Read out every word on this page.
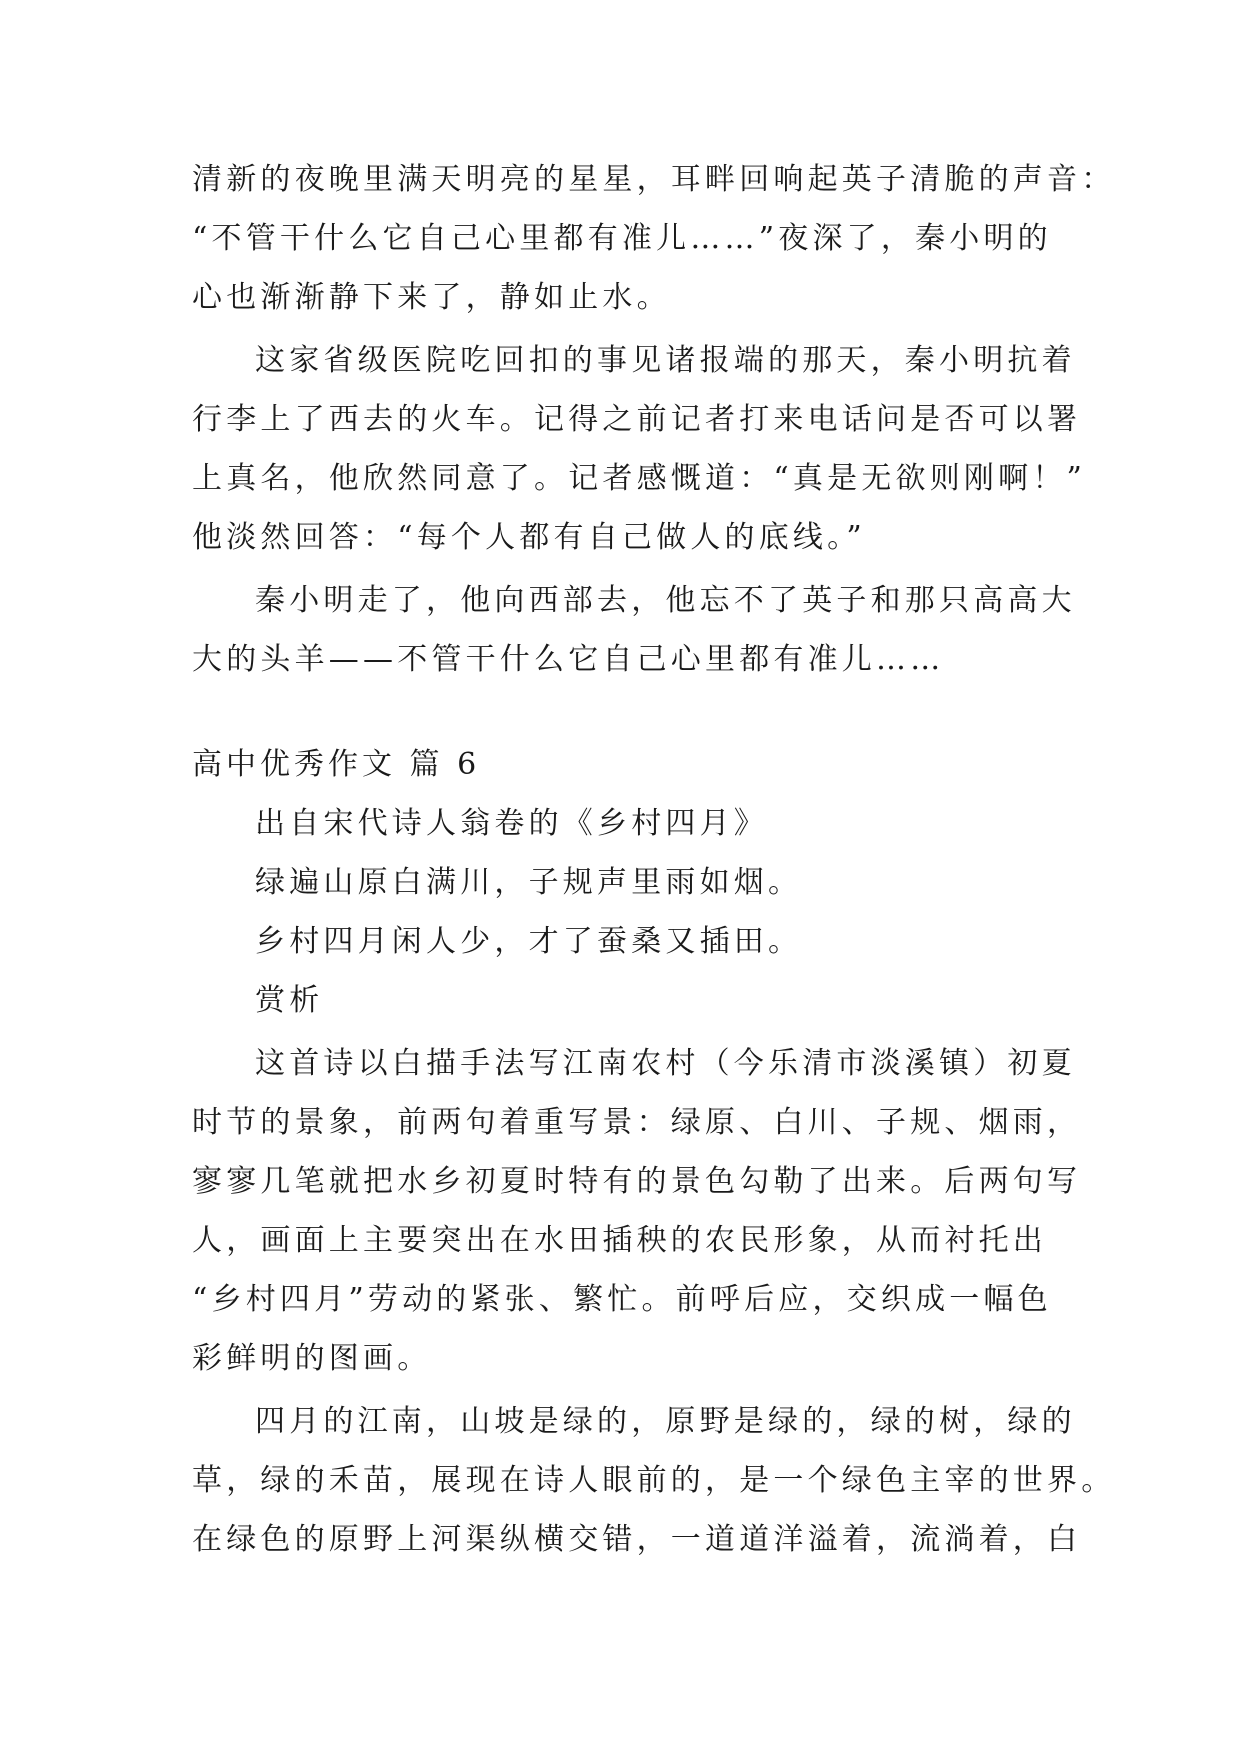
清新的夜晚里满天明亮的星星，耳畔回响起英子清脆的声音：
“不管干什么它自己心里都有准儿……”夜深了，秦小明的
心也渐渐静下来了，静如止水。
这家省级医院吃回扣的事见诸报端的那天，秦小明抗着
行李上了西去的火车。记得之前记者打来电话问是否可以署
上真名，他欣然同意了。记者感慨道：“真是无欲则刚啊！”
他淡然回答：“每个人都有自己做人的底线。”
秦小明走了，他向西部去，他忘不了英子和那只高高大
大的头羊——不管干什么它自己心里都有准儿……
高中优秀作文 篇 6
出自宋代诗人翁卷的《乡村四月》
绿遍山原白满川，子规声里雨如烟。
乡村四月闲人少，才了蚕桑又插田。
赏析
这首诗以白描手法写江南农村（今乐清市淡溪镇）初夏
时节的景象，前两句着重写景：绿原、白川、子规、烟雨，
寥寥几笔就把水乡初夏时特有的景色勾勒了出来。后两句写
人，画面上主要突出在水田插秧的农民形象，从而衬托出
“乡村四月”劳动的紧张、繁忙。前呼后应，交织成一幅色
彩鲜明的图画。
四月的江南，山坡是绿的，原野是绿的，绿的树，绿的
草，绿的禾苗，展现在诗人眼前的，是一个绿色主宰的世界。
在绿色的原野上河渠纵横交错，一道道洋溢着，流淌着，白
